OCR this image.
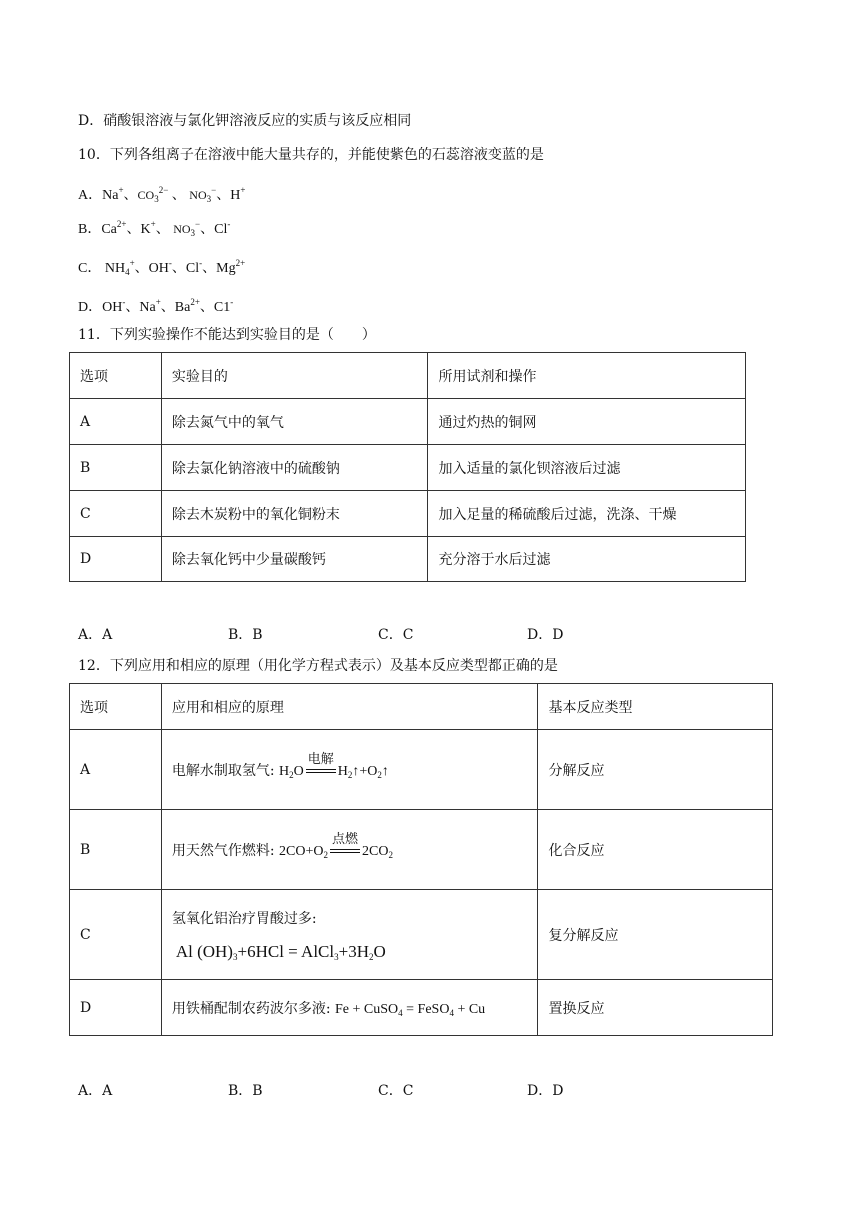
D．硝酸银溶液与氯化钾溶液反应的实质与该反应相同
10．下列各组离子在溶液中能大量共存的，并能使紫色的石蕊溶液变蓝的是
A．Na+、$CO_3^{2-}$ 、 $NO_3^-$、H+
B．$Ca^{2+}$、K+、 $NO_3^-$、Cl-
C． $NH_4^+$、OH-、Cl-、$Mg^{2+}$
D．OH-、Na+、$Ba^{2+}$、C1-
11．下列实验操作不能达到实验目的是（　　）
选项	实验目的	所用试剂和操作
A	除去氮气中的氧气	通过灼热的铜网
B	除去氯化钠溶液中的硫酸钠	加入适量的氯化钡溶液后过滤
C	除去木炭粉中的氧化铜粉末	加入足量的稀硫酸后过滤，洗涤、干燥
D	除去氧化钙中少量碳酸钙	充分溶于水后过滤
A．A	B．B	C．C	D．D
12．下列应用和相应的原理（用化学方程式表示）及基本反应类型都正确的是
选项	应用和相应的原理	基本反应类型
A	电解水制取氢气: $H_2O$
电解
$H_2↑+O_2↑$	分解反应
B	用天然气作燃料: $2CO+O_2$
点燃
$2CO_2$	化合反应
C	氢氧化铝治疗胃酸过多:
Al $(OH)_3+6HCl$ = $AlCl_3+3H_2O$	复分解反应
D	用铁桶配制农药波尔多液: Fe + CuSO$_4$ = FeSO$_4$ + Cu	置换反应
A．A	B．B	C．C	D．D
